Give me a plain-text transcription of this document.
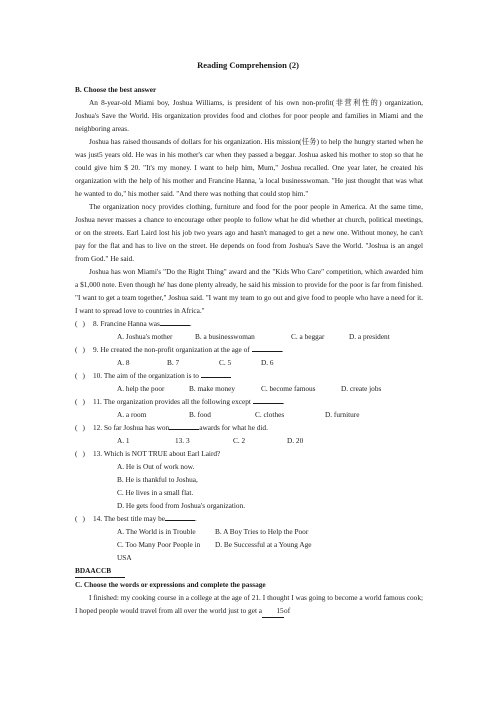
Reading Comprehension (2)
B. Choose the best answer

An 8-year-old Miami boy, Joshua Williams, is president of his own non-profit(非营利性的) organization, Joshua's Save the World. His organization provides food and clothes for poor people and families in Miami and the neighboring areas.

Joshua has raised thousands of dollars for his organization. His mission(任务) to help the hungry started when he was just5 years old. He was in his mother's car when they passed a beggar. Joshua asked his mother to stop so that he could give him $ 20. "It's my money. I want to help him, Mum," Joshua recalled. One year later, he created his organization with the help of his mother and Francine Hanna, 'a local businesswoman. "He just thought that was what he wanted to do," his mother said. "And there was nothing that could stop him."

The organization nocy provides clothing, furniture and food for the poor people in America. At the same time, Joshua never masses a chance to encourage other people to follow what he did whether at church, political meetings, or on the streets. Earl Laird lost his job two years ago and hasn't managed to get a new one. Without money, he can't pay for the flat and has to live on the street. He depends on food from Joshua's Save the World. "Joshua is an angel from God." He said.

Joshua has won Miami's "Do the Right Thing" award and the "Kids Who Care" competition, which awarded him a $1,000 note. Even though he' has done plenty already, he said his mission to provide for the poor is far from finished. "I want to get a team together," Joshua said. "I want my team to go out and give food to people who have a need for it. I want to spread love to countries in Africa."

( )	8. Francine Hanna was	.
A. Joshua's mother	B. a businesswoman	C. a beggar	D. a president
( )	9. He created the non-profit organization at the age of	.
A. 8	B. 7	C. 5	D. 6
( )	10. The aim of the organization is to
A. help the poor	B. make money	C. become famous	D. create jobs
( )	11. The organization provides all the following except	.
A. a room	B. food	C. clothes	D. furniture
( )	12. So far Joshua has won	awards for what he did.
A. 1	13. 3	C. 2	D. 20
( )	13. Which is NOT TRUE about Earl Laird?
A. He is Out of work now.
B. He is thankful to Joshua,
C. He lives in a small flat.
D. He gets food from Joshua's organization.
( )	14. The best title may be	.
A. The World is in Trouble	B. A Boy Tries to Help the Poor
C. Too Many Poor People in USA
D. Be Successful at a Young Age
BDAACCB
C. Choose the words or expressions and complete the passage

I finished: my cooking course in a college at the age of 21. I thought I was going to become a world famous cook; I hoped people would travel from all over the world just to get a 15of
